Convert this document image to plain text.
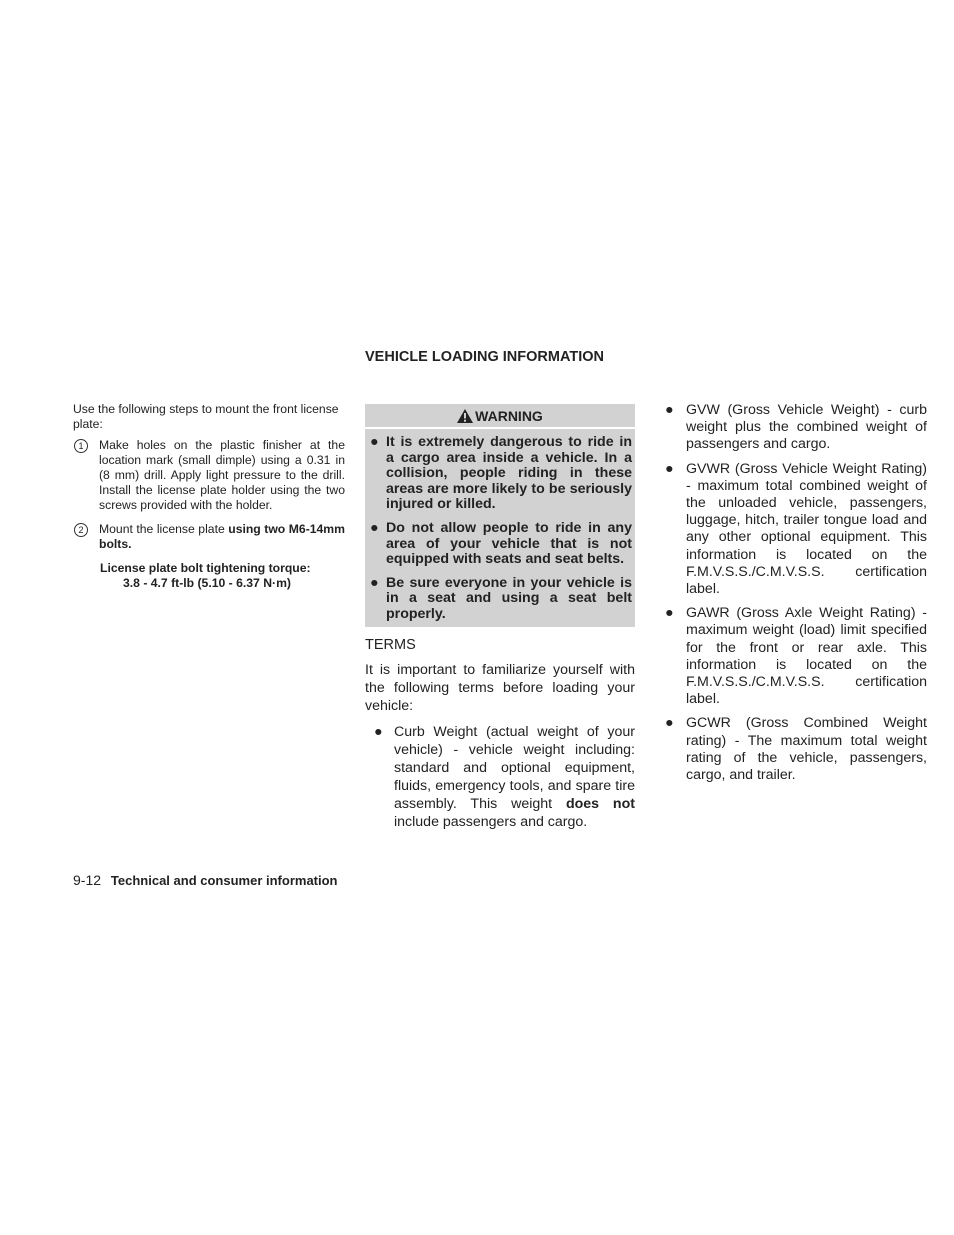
VEHICLE LOADING INFORMATION

Use the following steps to mount the front license plate:

1	Make holes on the plastic finisher at the location mark (small dimple) using a 0.31 in (8 mm) drill. Apply light pressure to the drill. Install the license plate holder using the two screws provided with the holder.
2	Mount the license plate using two M6-14mm bolts.
License plate bolt tightening torque:
3.8 - 4.7 ft-lb (5.10 - 6.37 N·m)
WARNING
● It is extremely dangerous to ride in a cargo area inside a vehicle. In a collision, people riding in these areas are more likely to be seriously injured or killed.
● Do not allow people to ride in any area of your vehicle that is not equipped with seats and seat belts.
● Be sure everyone in your vehicle is in a seat and using a seat belt properly.
TERMS
It is important to familiarize yourself with the following terms before loading your vehicle:
● Curb Weight (actual weight of your vehicle) - vehicle weight including: standard and optional equipment, fluids, emergency tools, and spare tire assembly. This weight does not include passengers and cargo.
● GVW (Gross Vehicle Weight) - curb weight plus the combined weight of passengers and cargo.
● GVWR (Gross Vehicle Weight Rating) - maximum total combined weight of the unloaded vehicle, passengers, luggage, hitch, trailer tongue load and any other optional equipment. This information is located on the F.M.V.S.S./C.M.V.S.S. certification label.
● GAWR (Gross Axle Weight Rating) - maximum weight (load) limit specified for the front or rear axle. This information is located on the F.M.V.S.S./C.M.V.S.S. certification label.
● GCWR (Gross Combined Weight rating) - The maximum total weight rating of the vehicle, passengers, cargo, and trailer.
9-12 Technical and consumer information
